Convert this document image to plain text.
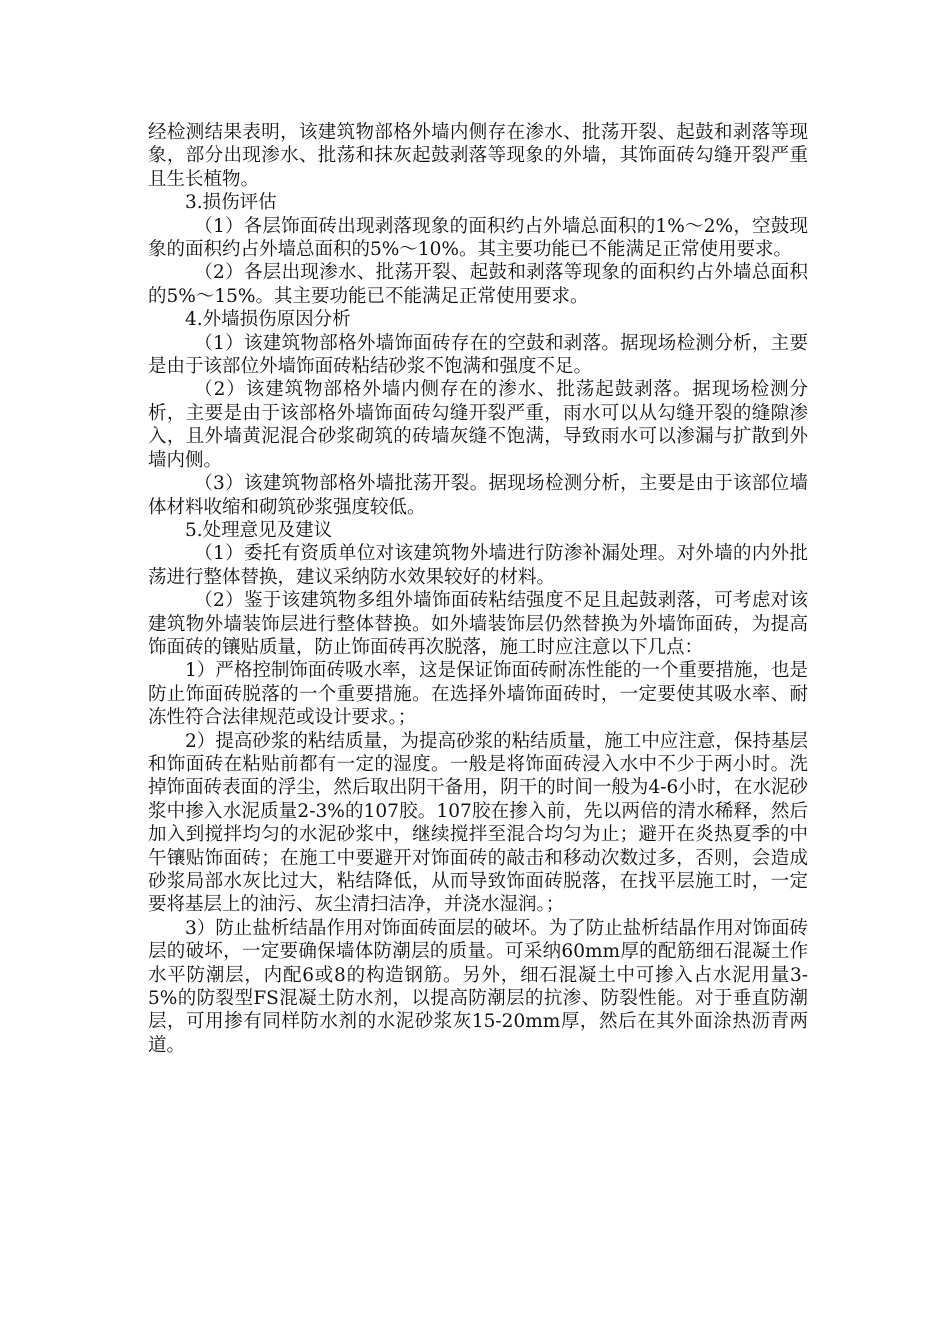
经检测结果表明，该建筑物部格外墙内侧存在渗水、批荡开裂、起鼓和剥落等现象，部分出现渗水、批荡和抹灰起鼓剥落等现象的外墙，其饰面砖勾缝开裂严重且生长植物。

3.损伤评估

（1）各层饰面砖出现剥落现象的面积约占外墙总面积的1%～2%，空鼓现象的面积约占外墙总面积的5%～10%。其主要功能已不能满足正常使用要求。

（2）各层出现渗水、批荡开裂、起鼓和剥落等现象的面积约占外墙总面积的5%～15%。其主要功能已不能满足正常使用要求。

4.外墙损伤原因分析

（1）该建筑物部格外墙饰面砖存在的空鼓和剥落。据现场检测分析，主要是由于该部位外墙饰面砖粘结砂浆不饱满和强度不足。

（2）该建筑物部格外墙内侧存在的渗水、批荡起鼓剥落。据现场检测分析，主要是由于该部格外墙饰面砖勾缝开裂严重，雨水可以从勾缝开裂的缝隙渗入，且外墙黄泥混合砂浆砌筑的砖墙灰缝不饱满，导致雨水可以渗漏与扩散到外墙内侧。

（3）该建筑物部格外墙批荡开裂。据现场检测分析，主要是由于该部位墙体材料收缩和砌筑砂浆强度较低。

5.处理意见及建议

（1）委托有资质单位对该建筑物外墙进行防渗补漏处理。对外墙的内外批荡进行整体替换，建议采纳防水效果较好的材料。

（2）鉴于该建筑物多组外墙饰面砖粘结强度不足且起鼓剥落，可考虑对该建筑物外墙装饰层进行整体替换。如外墙装饰层仍然替换为外墙饰面砖，为提高饰面砖的镶贴质量，防止饰面砖再次脱落，施工时应注意以下几点：

1）严格控制饰面砖吸水率，这是保证饰面砖耐冻性能的一个重要措施，也是防止饰面砖脱落的一个重要措施。在选择外墙饰面砖时，一定要使其吸水率、耐冻性符合法律规范或设计要求。；

2）提高砂浆的粘结质量，为提高砂浆的粘结质量，施工中应注意，保持基层和饰面砖在粘贴前都有一定的湿度。一般是将饰面砖浸入水中不少于两小时。洗掉饰面砖表面的浮尘，然后取出阴干备用，阴干的时间一般为4-6小时，在水泥砂浆中掺入水泥质量2-3%的107胶。107胶在掺入前，先以两倍的清水稀释，然后加入到搅拌均匀的水泥砂浆中，继续搅拌至混合均匀为止；避开在炎热夏季的中午镶贴饰面砖；在施工中要避开对饰面砖的敲击和移动次数过多，否则，会造成砂浆局部水灰比过大，粘结降低，从而导致饰面砖脱落，在找平层施工时，一定要将基层上的油污、灰尘清扫洁净，并浇水湿润。；

3）防止盐析结晶作用对饰面砖面层的破坏。为了防止盐析结晶作用对饰面砖层的破坏，一定要确保墙体防潮层的质量。可采纳60mm厚的配筋细石混凝土作水平防潮层，内配6或8的构造钢筋。另外，细石混凝土中可掺入占水泥用量3-5%的防裂型FS混凝土防水剂，以提高防潮层的抗渗、防裂性能。对于垂直防潮层，可用掺有同样防水剂的水泥砂浆灰15-20mm厚，然后在其外面涂热沥青两道。
